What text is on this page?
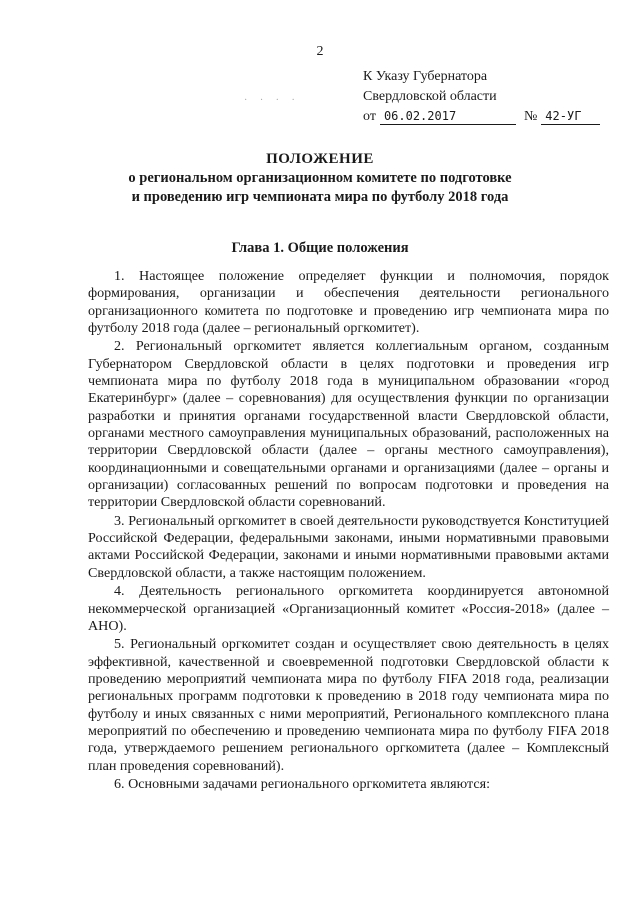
2
К Указу Губернатора
Свердловской области
от 06.02.2017	№ 42-УГ
· · · ·
ПОЛОЖЕНИЕ
о региональном организационном комитете по подготовке
и проведению игр чемпионата мира по футболу 2018 года
Глава 1. Общие положения

1. Настоящее положение определяет функции и полномочия, порядок формирования, организации и обеспечения деятельности регионального организационного комитета по подготовке и проведению игр чемпионата мира по футболу 2018 года (далее – региональный оргкомитет).

2. Региональный оргкомитет является коллегиальным органом, созданным Губернатором Свердловской области в целях подготовки и проведения игр чемпионата мира по футболу 2018 года в муниципальном образовании «город Екатеринбург» (далее – соревнования) для осуществления функции по организации разработки и принятия органами государственной власти Свердловской области, органами местного самоуправления муниципальных образований, расположенных на территории Свердловской области (далее – органы местного самоуправления), координационными и совещательными органами и организациями (далее – органы и организации) согласованных решений по вопросам подготовки и проведения на территории Свердловской области соревнований.

3. Региональный оргкомитет в своей деятельности руководствуется Конституцией Российской Федерации, федеральными законами, иными нормативными правовыми актами Российской Федерации, законами и иными нормативными правовыми актами Свердловской области, а также настоящим положением.

4. Деятельность регионального оргкомитета координируется автономной некоммерческой организацией «Организационный комитет «Россия-2018» (далее – АНО).

5. Региональный оргкомитет создан и осуществляет свою деятельность в целях эффективной, качественной и своевременной подготовки Свердловской области к проведению мероприятий чемпионата мира по футболу FIFA 2018 года, реализации региональных программ подготовки к проведению в 2018 году чемпионата мира по футболу и иных связанных с ними мероприятий, Регионального комплексного плана мероприятий по обеспечению и проведению чемпионата мира по футболу FIFA 2018 года, утверждаемого решением регионального оргкомитета (далее – Комплексный план проведения соревнований).

6. Основными задачами регионального оргкомитета являются:
